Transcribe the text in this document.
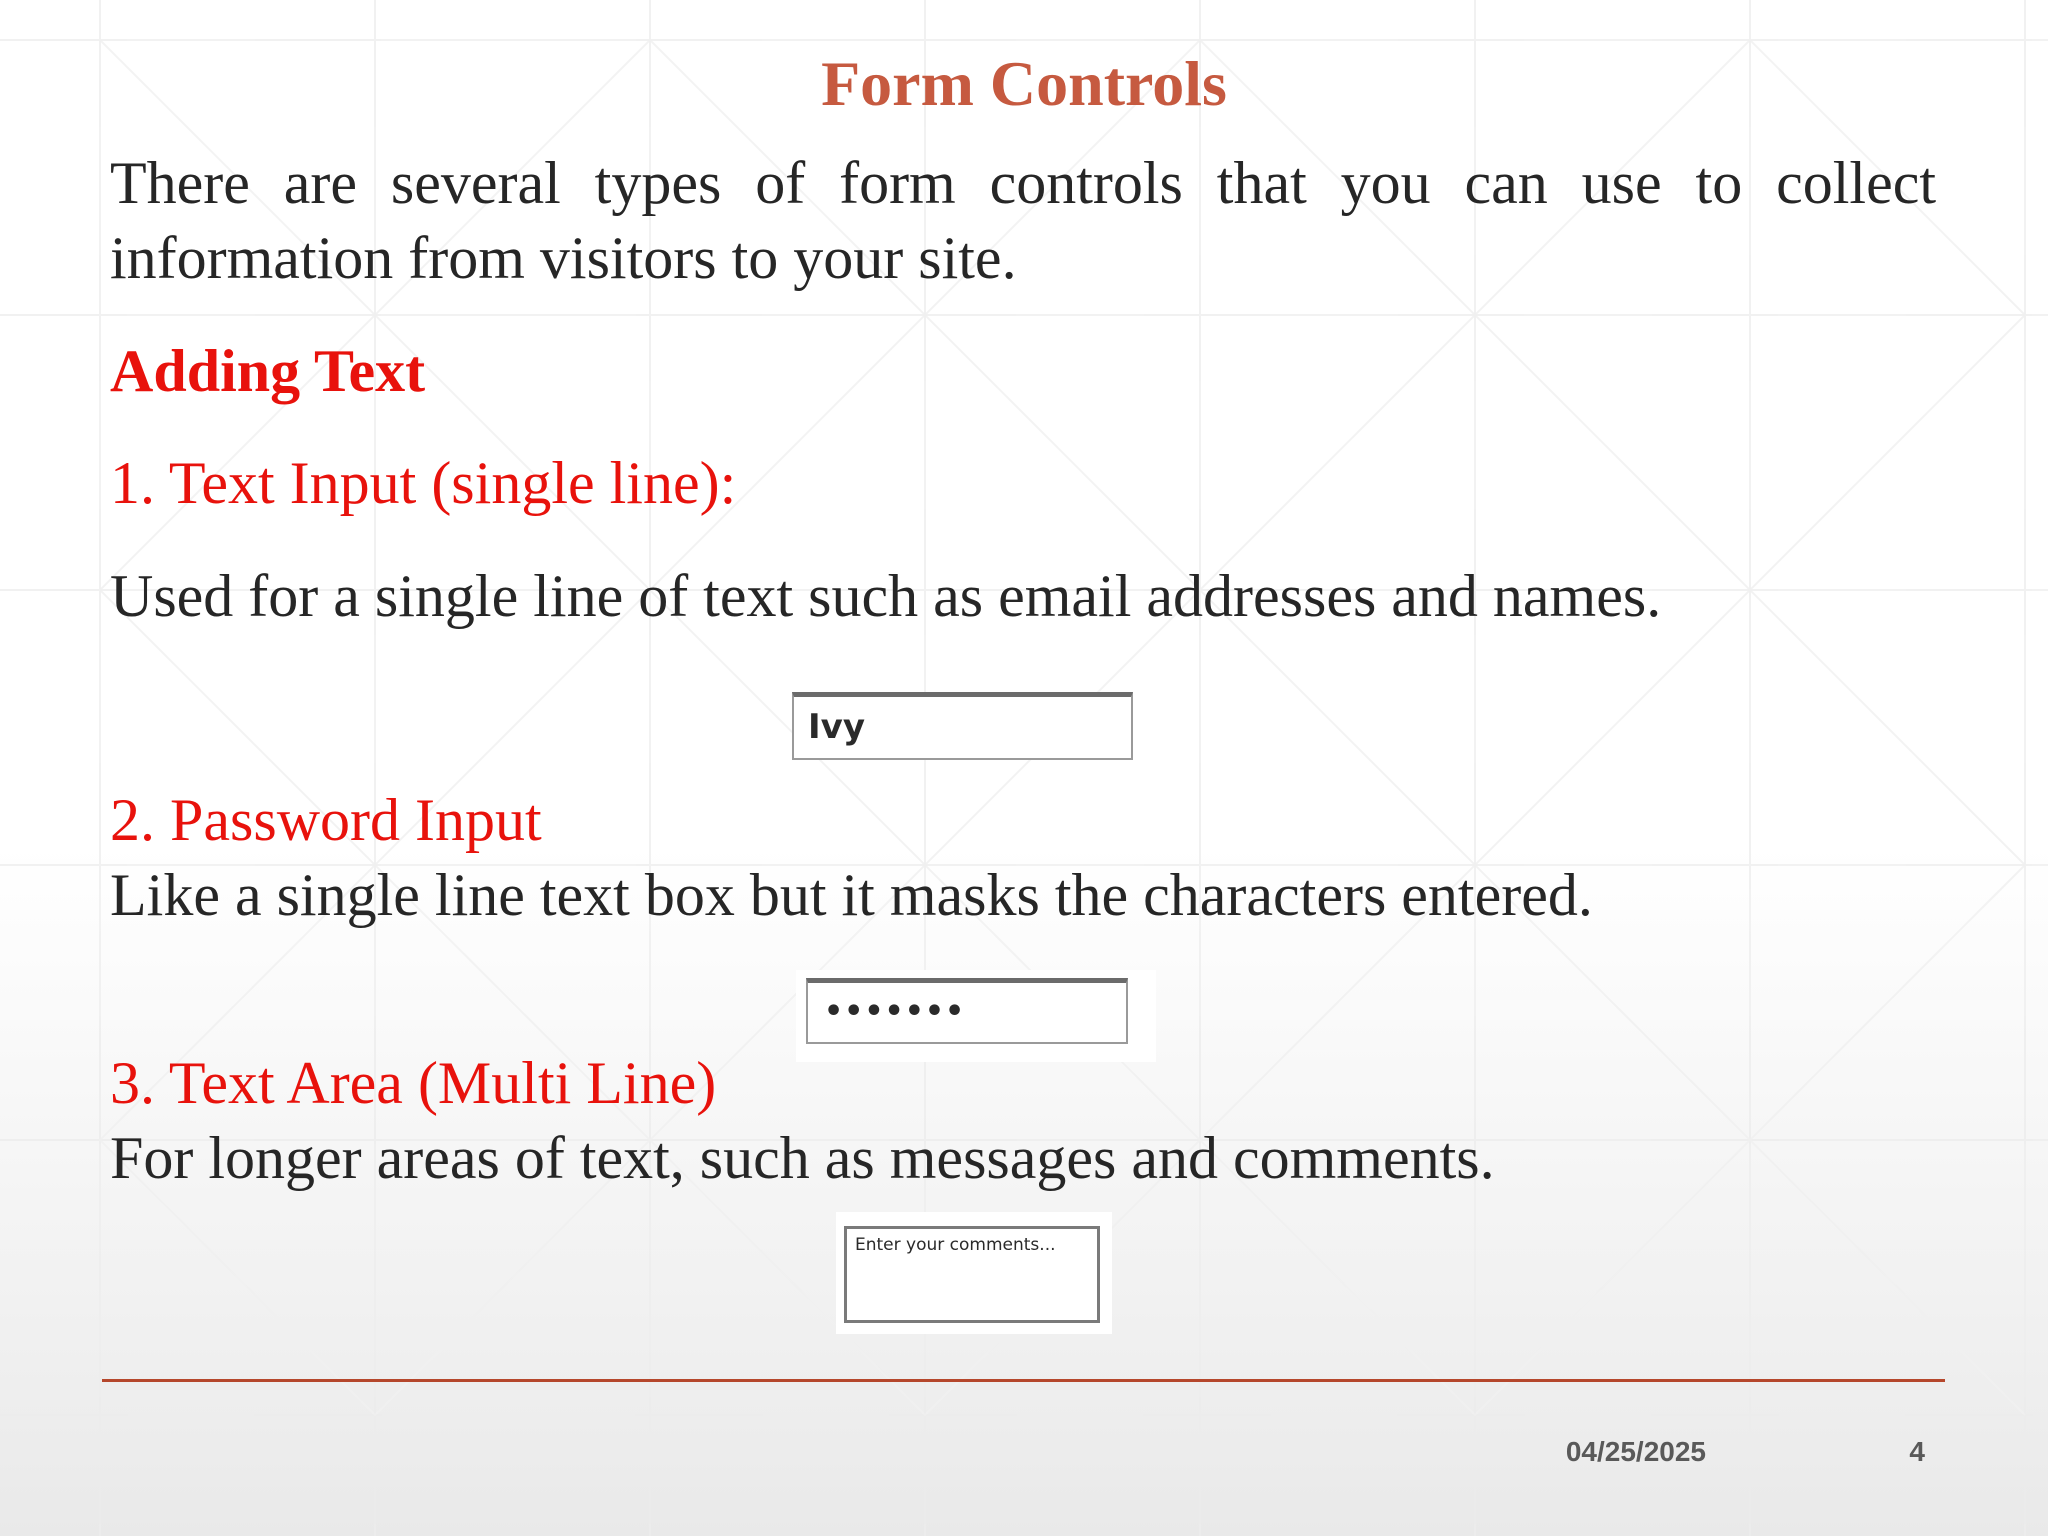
Form Controls
There are several types of form controls that you can use to collect information from visitors to your site.
Adding Text
1. Text Input (single line):
Used for a single line of text such as email addresses and names.
Ivy
2. Password Input
Like a single line text box but it masks the characters entered.
•••••••
3. Text Area (Multi Line)
For longer areas of text, such as messages and comments.
Enter your comments...
04/25/2025	4
